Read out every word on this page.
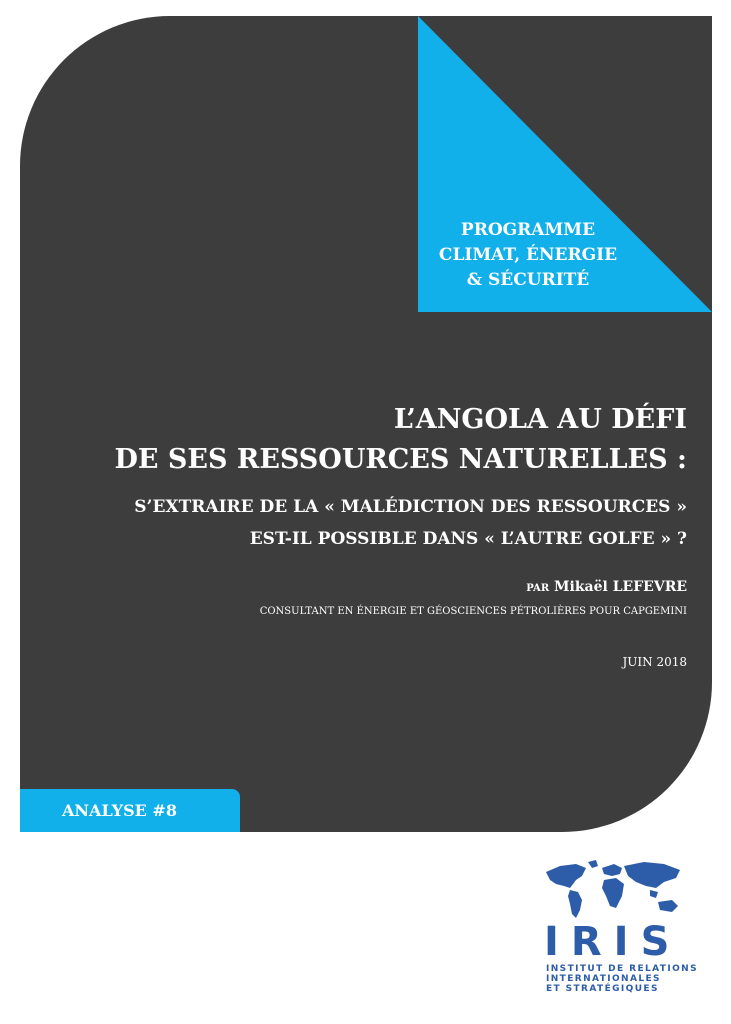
PROGRAMME
CLIMAT, ÉNERGIE
& SÉCURITÉ
L’ANGOLA AU DÉFI
DE SES RESSOURCES NATURELLES :
S’EXTRAIRE DE LA « MALÉDICTION DES RESSOURCES »
EST-IL POSSIBLE DANS « L’AUTRE GOLFE » ?
PAR Mikaël LEFEVRE
CONSULTANT EN ÉNERGIE ET GÉOSCIENCES PÉTROLIÈRES POUR CAPGEMINI
JUIN 2018
ANALYSE #8
IRIS
INSTITUT DE RELATIONS
INTERNATIONALES
ET STRATÉGIQUES
